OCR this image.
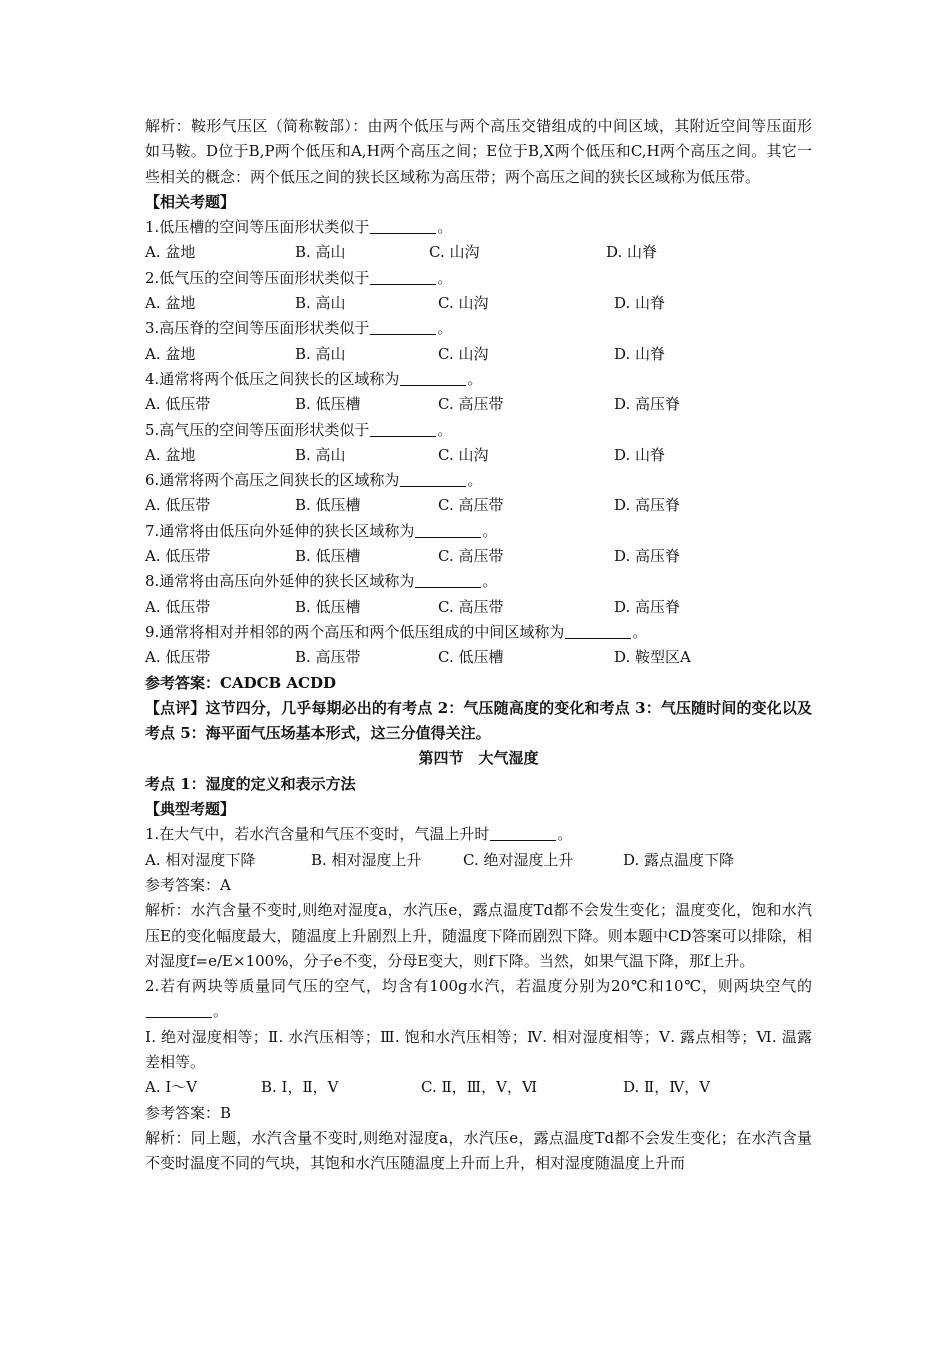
解析：鞍形气压区（简称鞍部）：由两个低压与两个高压交错组成的中间区域，其附近空间等压面形如马鞍。D位于B,P两个低压和A,H两个高压之间；E位于B,X两个低压和C,H两个高压之间。其它一些相关的概念：两个低压之间的狭长区域称为高压带；两个高压之间的狭长区域称为低压带。

【相关考题】

1.低压槽的空间等压面形状类似于	。

A. 盆地	B. 高山	C. 山沟	D. 山脊

2.低气压的空间等压面形状类似于	。

A. 盆地	B. 高山	C. 山沟	D. 山脊

3.高压脊的空间等压面形状类似于	。

A. 盆地	B. 高山	C. 山沟	D. 山脊

4.通常将两个低压之间狭长的区域称为	。

A. 低压带	B. 低压槽	C. 高压带	D. 高压脊

5.高气压的空间等压面形状类似于	。

A. 盆地	B. 高山	C. 山沟	D. 山脊

6.通常将两个高压之间狭长的区域称为	。

A. 低压带	B. 低压槽	C. 高压带	D. 高压脊

7.通常将由低压向外延伸的狭长区域称为	。

A. 低压带	B. 低压槽	C. 高压带	D. 高压脊

8.通常将由高压向外延伸的狭长区域称为	。

A. 低压带	B. 低压槽	C. 高压带	D. 高压脊

9.通常将相对并相邻的两个高压和两个低压组成的中间区域称为	。

A. 低压带	B. 高压带	C. 低压槽	D. 鞍型区A

参考答案：CADCB ACDD

【点评】这节四分，几乎每期必出的有考点 2：气压随高度的变化和考点 3：气压随时间的变化以及考点 5：海平面气压场基本形式，这三分值得关注。

第四节　大气湿度

考点 1：湿度的定义和表示方法

【典型考题】

1.在大气中，若水汽含量和气压不变时，气温上升时	。

A. 相对湿度下降	B. 相对湿度上升	C. 绝对湿度上升	D. 露点温度下降

参考答案：A

解析：水汽含量不变时,则绝对湿度a，水汽压e，露点温度Td都不会发生变化；温度变化，饱和水汽压E的变化幅度最大，随温度上升剧烈上升，随温度下降而剧烈下降。则本题中CD答案可以排除，相对湿度f=e/E×100%，分子e不变，分母E变大，则f下降。当然，如果气温下降，那f上升。

2.若有两块等质量同气压的空气，均含有100g水汽，若温度分别为20℃和10℃，则两块空气的。

Ⅰ. 绝对湿度相等；Ⅱ. 水汽压相等；Ⅲ. 饱和水汽压相等；Ⅳ. 相对湿度相等；Ⅴ. 露点相等；Ⅵ. 温露差相等。

A. Ⅰ～Ⅴ	B. Ⅰ，Ⅱ，Ⅴ	C. Ⅱ，Ⅲ，Ⅴ，Ⅵ	D. Ⅱ，Ⅳ，Ⅴ

参考答案：B

解析：同上题，水汽含量不变时,则绝对湿度a，水汽压e，露点温度Td都不会发生变化；在水汽含量不变时温度不同的气块，其饱和水汽压随温度上升而上升，相对湿度随温度上升而
